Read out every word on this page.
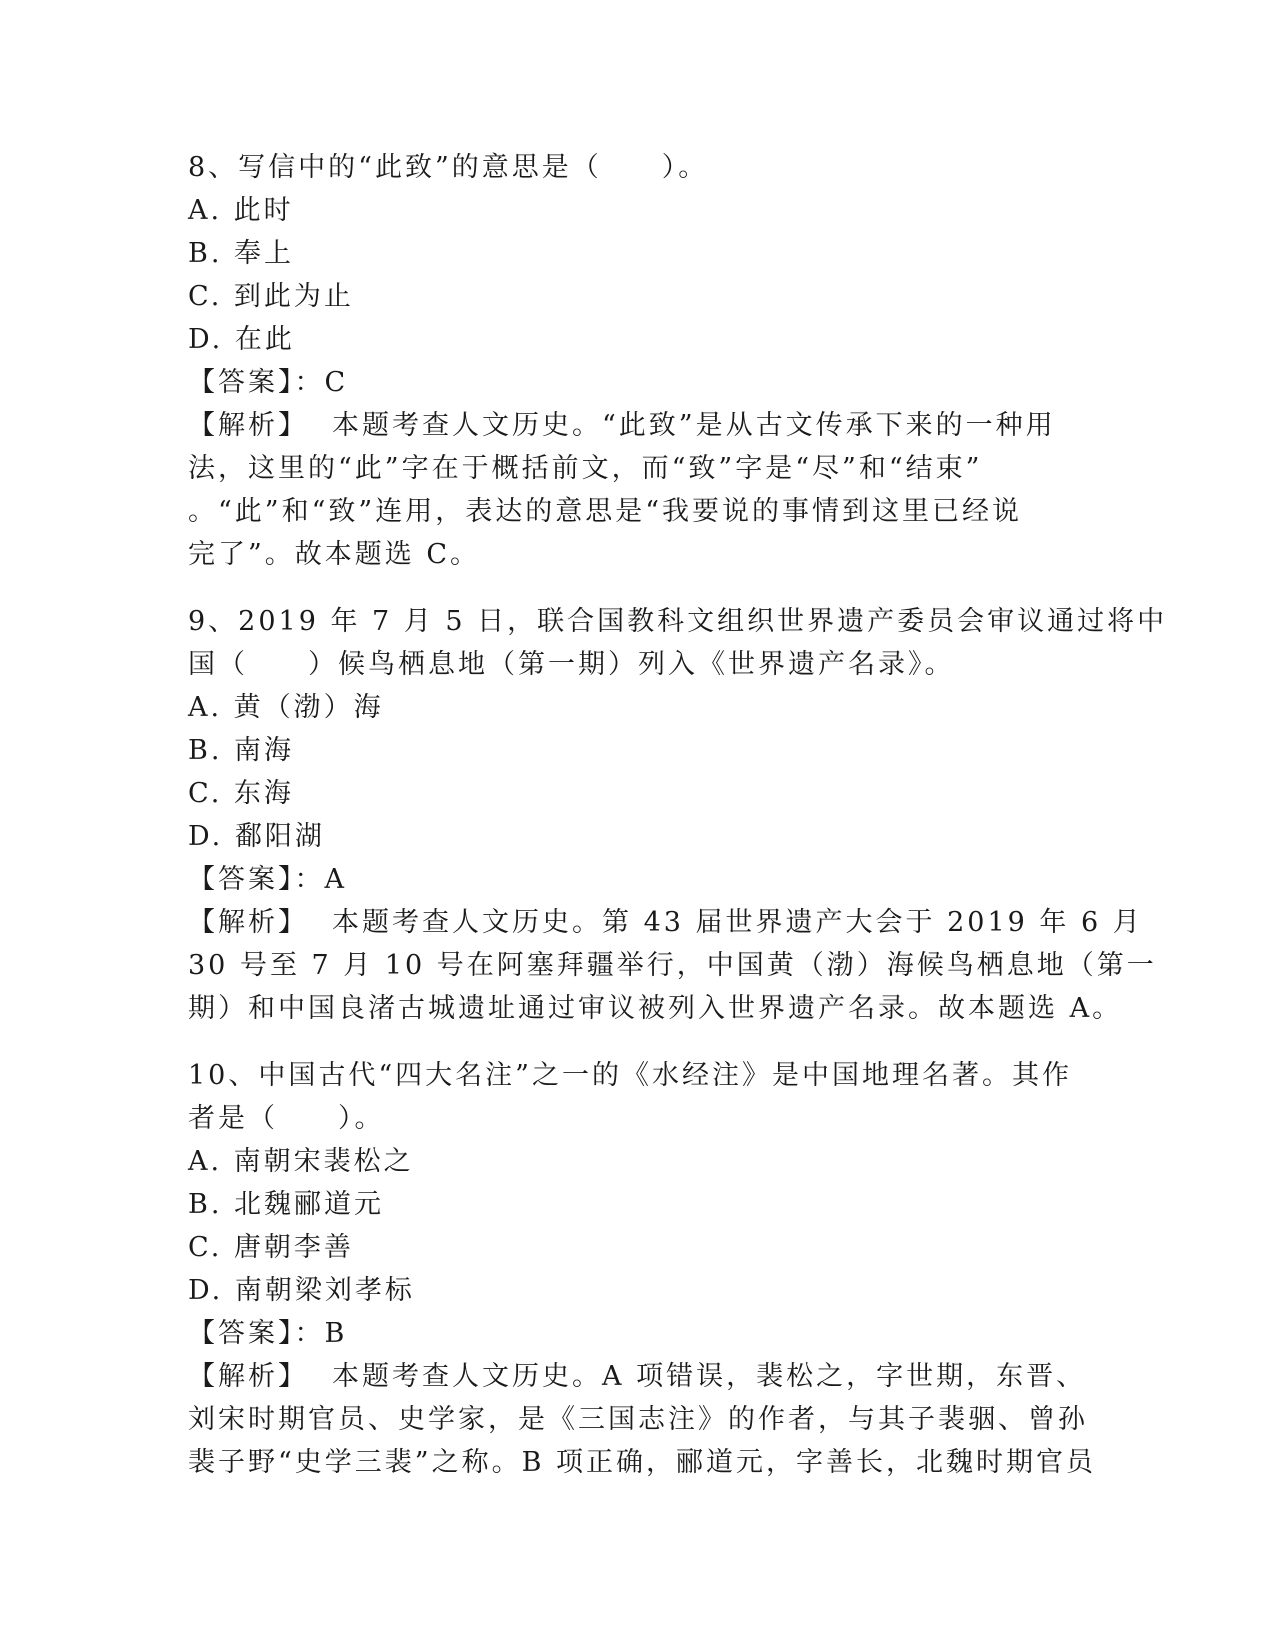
8、写信中的“此致”的意思是（　　）。

A. 此时

B. 奉上

C. 到此为止

D. 在此

【答案】：C

【解析】 本题考查人文历史。“此致”是从古文传承下来的一种用
法，这里的“此”字在于概括前文，而“致”字是“尽”和“结束”
。“此”和“致”连用，表达的意思是“我要说的事情到这里已经说
完了”。故本题选 C。

9、2019 年 7 月 5 日，联合国教科文组织世界遗产委员会审议通过将中

国（　　）候鸟栖息地（第一期）列入《世界遗产名录》。

A. 黄（渤）海

B. 南海

C. 东海

D. 鄱阳湖

【答案】：A

【解析】 本题考查人文历史。第 43 届世界遗产大会于 2019 年 6 月
30 号至 7 月 10 号在阿塞拜疆举行，中国黄（渤）海候鸟栖息地（第一
期）和中国良渚古城遗址通过审议被列入世界遗产名录。故本题选 A。

10、中国古代“四大名注”之一的《水经注》是中国地理名著。其作

者是（　　）。

A. 南朝宋裴松之

B. 北魏郦道元

C. 唐朝李善

D. 南朝梁刘孝标

【答案】：B

【解析】 本题考查人文历史。A 项错误，裴松之，字世期，东晋、
刘宋时期官员、史学家，是《三国志注》的作者，与其子裴骃、曾孙
裴子野“史学三裴”之称。B 项正确，郦道元，字善长，北魏时期官员
